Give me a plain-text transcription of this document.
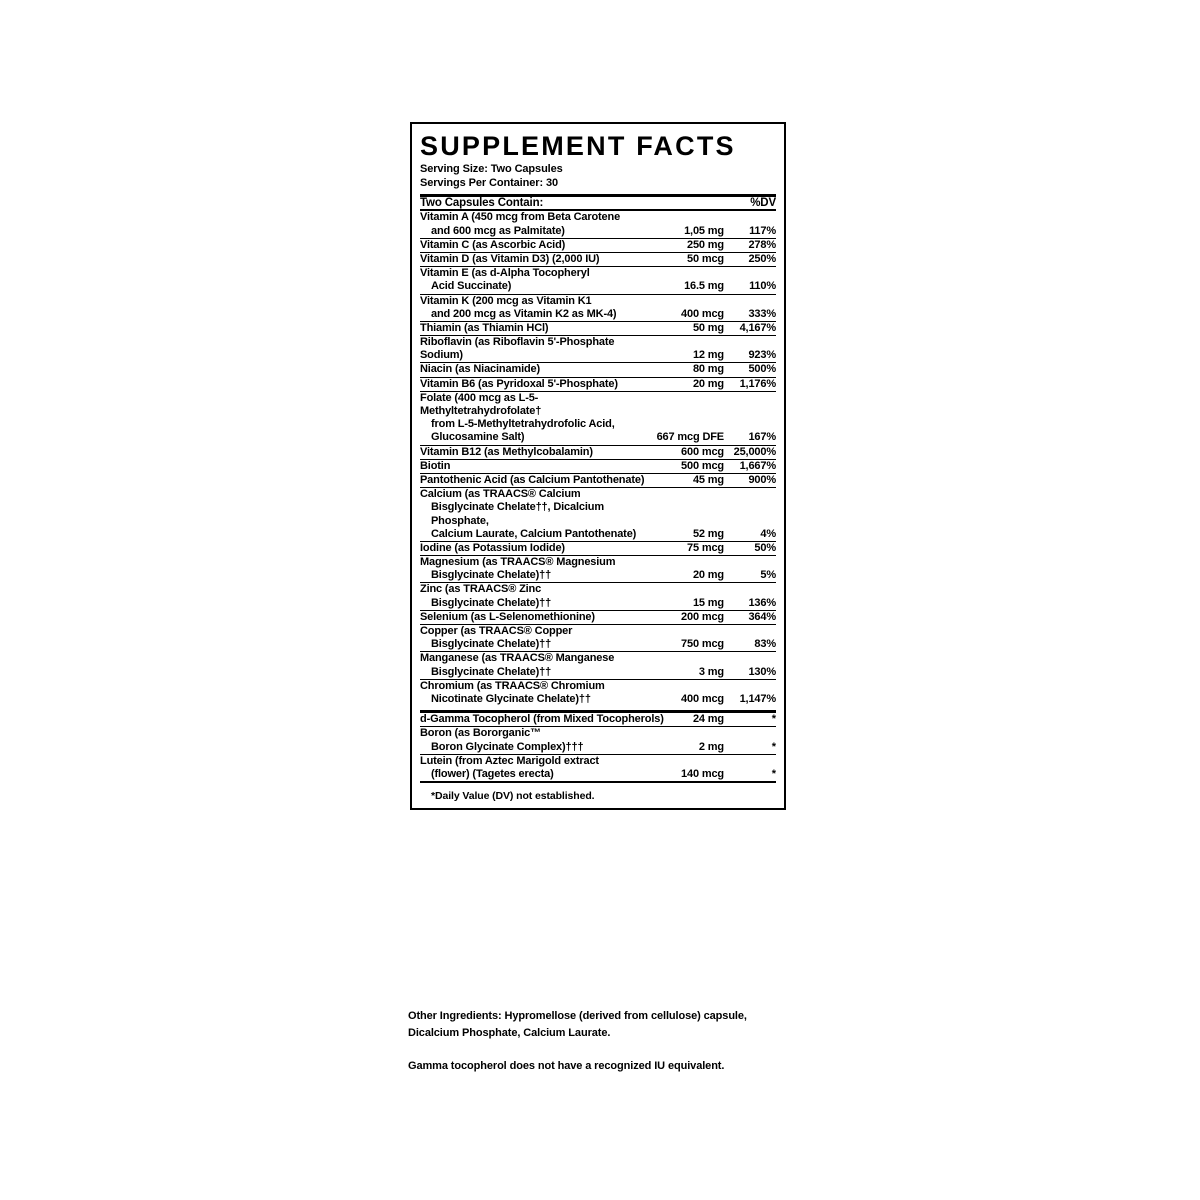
SUPPLEMENT FACTS
Serving Size: Two Capsules
Servings Per Container: 30
Two Capsules Contain:		%DV

Vitamin A (450 mcg from Beta Carotene
and 600 mcg as Palmitate)	1,05 mg	117%

Vitamin C (as Ascorbic Acid)	250 mg	278%

Vitamin D (as Vitamin D3) (2,000 IU)	50 mcg	250%

Vitamin E (as d-Alpha Tocopheryl
Acid Succinate)	16.5 mg	110%

Vitamin K (200 mcg as Vitamin K1
and 200 mcg as Vitamin K2 as MK-4)	400 mcg	333%

Thiamin (as Thiamin HCl)	50 mg	4,167%

Riboflavin (as Riboflavin 5'-Phosphate Sodium)	12 mg	923%

Niacin (as Niacinamide)	80 mg	500%

Vitamin B6 (as Pyridoxal 5'-Phosphate)	20 mg	1,176%

Folate (400 mcg as L-5-Methyltetrahydrofolate†
from L-5-Methyltetrahydrofolic Acid,
Glucosamine Salt)	667 mcg DFE	167%

Vitamin B12 (as Methylcobalamin)	600 mcg	25,000%

Biotin	500 mcg	1,667%

Pantothenic Acid (as Calcium Pantothenate)	45 mg	900%

Calcium (as TRAACS® Calcium
Bisglycinate Chelate††, Dicalcium Phosphate,
Calcium Laurate, Calcium Pantothenate)	52 mg	4%

Iodine (as Potassium Iodide)	75 mcg	50%

Magnesium (as TRAACS® Magnesium
Bisglycinate Chelate)††	20 mg	5%

Zinc (as TRAACS® Zinc
Bisglycinate Chelate)††	15 mg	136%

Selenium (as L-Selenomethionine)	200 mcg	364%

Copper (as TRAACS® Copper
Bisglycinate Chelate)††	750 mcg	83%

Manganese (as TRAACS® Manganese
Bisglycinate Chelate)††	3 mg	130%

Chromium (as TRAACS® Chromium
Nicotinate Glycinate Chelate)††	400 mcg	1,147%
d-Gamma Tocopherol (from Mixed Tocopherols)	24 mg	*

Boron (as Bororganic™
Boron Glycinate Complex)†††	2 mg	*

Lutein (from Aztec Marigold extract
(flower) (Tagetes erecta)	140 mcg	*
*Daily Value (DV) not established.
Other Ingredients: Hypromellose (derived from cellulose) capsule, Dicalcium Phosphate, Calcium Laurate.
Gamma tocopherol does not have a recognized IU equivalent.
